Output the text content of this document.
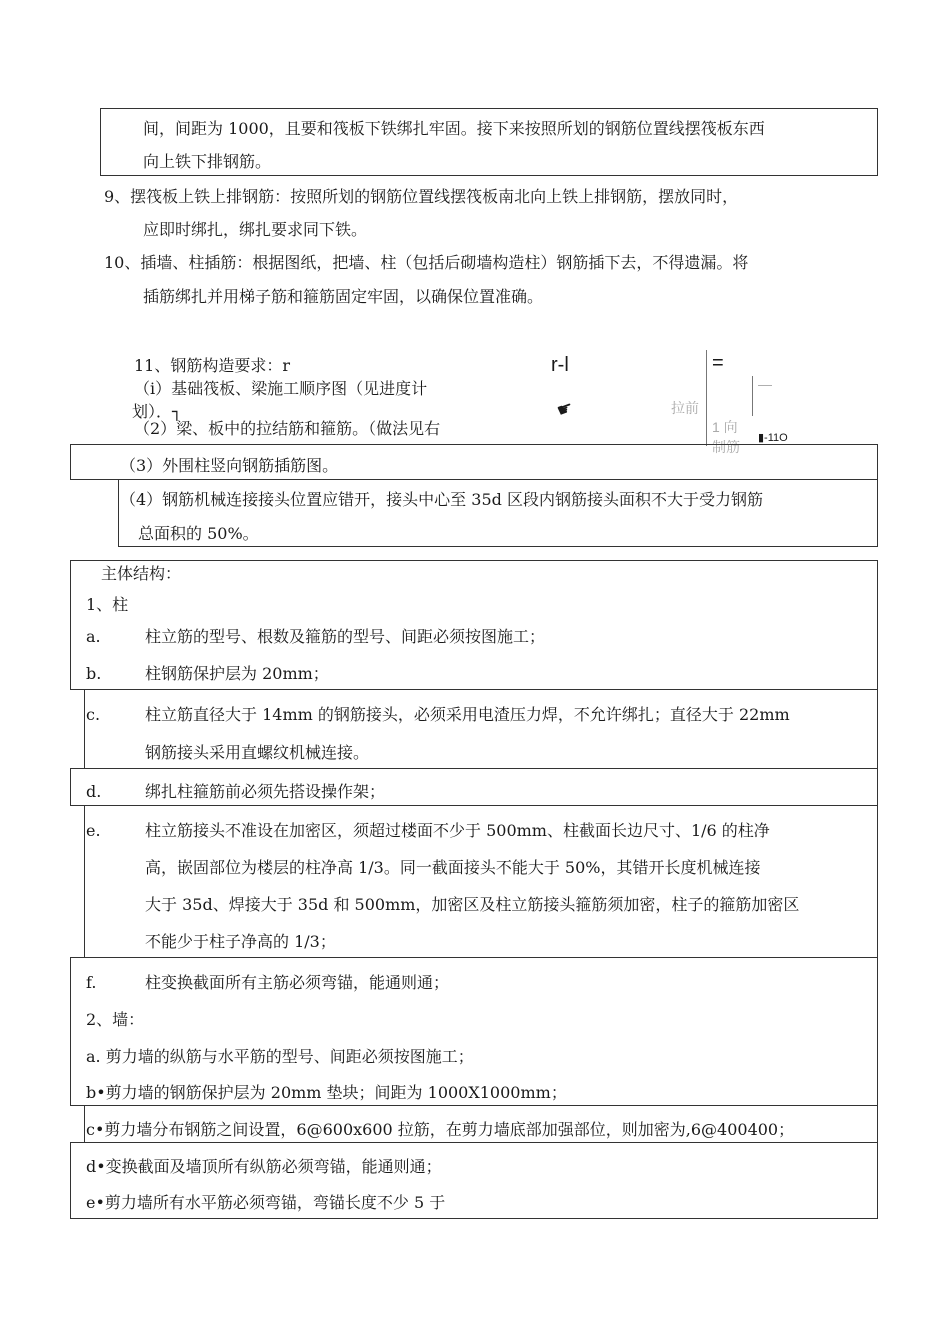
间，间距为 1000，且要和筏板下铁绑扎牢固。接下来按照所划的钢筋位置线摆筏板东西
向上铁下排钢筋。
9、摆筏板上铁上排钢筋：按照所划的钢筋位置线摆筏板南北向上铁上排钢筋，摆放同时，
应即时绑扎，绑扎要求同下铁。
10、插墙、柱插筋：根据图纸，把墙、柱（包括后砌墙构造柱）钢筋插下去，不得遗漏。将
插筋绑扎并用梯子筋和箍筋固定牢固，以确保位置准确。
11、钢筋构造要求：r
（i）基础筏板、梁施工顺序图（见进度计
划）．┐
（2）梁、板中的拉结筋和箍筋。（做法见右
r-l
☛
=
—
拉前
1 向
制筋
▮-11O
（3）外围柱竖向钢筋插筋图。
（4）钢筋机械连接接头位置应错开，接头中心至 35d 区段内钢筋接头面积不大于受力钢筋
总面积的 50%。
主体结构：
1、柱
a.	柱立筋的型号、根数及箍筋的型号、间距必须按图施工；
b.	柱钢筋保护层为 20mm；
c.	柱立筋直径大于 14mm 的钢筋接头，必须采用电渣压力焊，不允许绑扎；直径大于 22mm
钢筋接头采用直螺纹机械连接。
d.	绑扎柱箍筋前必须先搭设操作架；
e.	柱立筋接头不准设在加密区，须超过楼面不少于 500mm、柱截面长边尺寸、1/6 的柱净
高，嵌固部位为楼层的柱净高 1/3。同一截面接头不能大于 50%，其错开长度机械连接
大于 35d、焊接大于 35d 和 500mm，加密区及柱立筋接头箍筋须加密，柱子的箍筋加密区
不能少于柱子净高的 1/3；
f.	柱变换截面所有主筋必须弯锚，能通则通；
2、墙：
a. 剪力墙的纵筋与水平筋的型号、间距必须按图施工；
b•剪力墙的钢筋保护层为 20mm 垫块；间距为 1000X1000mm；
c•剪力墙分布钢筋之间设置，6@600x600 拉筋，在剪力墙底部加强部位，则加密为,6@400400；
d•变换截面及墙顶所有纵筋必须弯锚，能通则通；
e•剪力墙所有水平筋必须弯锚，弯锚长度不少 5 于
